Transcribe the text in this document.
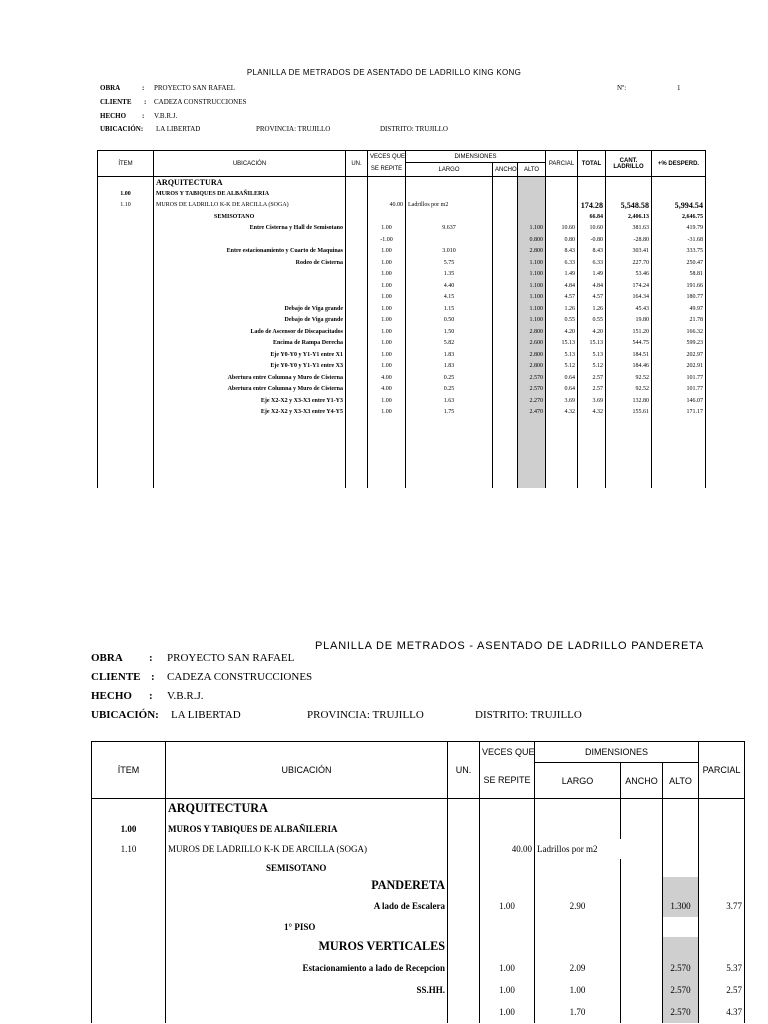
PLANILLA DE METRADOS DE ASENTADO DE LADRILLO KING KONG
Nº:	1
OBRA	: PROYECTO SAN RAFAEL
CLIENTE : CADEZA CONSTRUCCIONES
HECHO : V.B.R.J.
UBICACIÓN: LA LIBERTAD	PROVINCIA: TRUJILLO	DISTRITO: TRUJILLO
ÍTEM	UBICACIÓN	UN.	VECES QUE	DIMENSIONES			PARCIAL	TOTAL	CANT. LADRILLO	+% DESPERD.
			SE REPITE	LARGO	ANCHO	ALTO				
	ARQUITECTURA									
1.00	MUROS Y TABIQUES DE ALBAÑILERIA									
1.10	MUROS DE LADRILLO K-K DE ARCILLA (SOGA)		40.00	Ladrillos por m2				174.28	5,548.58	5,994.54
	SEMISOTANO							66.84	2,406.13	2,646.75
	Entre Cisterna y Hall de Semisotano		1.00	9.637		1.100	10.60	10.60	381.63	419.79
			-1.00			0.800	0.80	-0.80	-28.80	-31.68
	Entre estacionamiento y Cuarto de Maquinas		1.00	3.010		2.800	8.43	8.43	303.41	333.75
	Rodeo de Cisterna		1.00	5.75		1.100	6.33	6.33	227.70	250.47
			1.00	1.35		1.100	1.49	1.49	53.46	58.81
			1.00	4.40		1.100	4.84	4.84	174.24	191.66
			1.00	4.15		1.100	4.57	4.57	164.34	180.77
	Debajo de Viga grande		1.00	1.15		1.100	1.26	1.26	45.43	49.97
	Debajo de Viga grande		1.00	0.50		1.100	0.55	0.55	19.80	21.78
	Lado de Ascensor de Discapacitados		1.00	1.50		2.800	4.20	4.20	151.20	166.32
	Encima de Rampa Derecha		1.00	5.82		2.600	15.13	15.13	544.75	599.23
	Eje Y0-Y0 y Y1-Y1 entre X1		1.00	1.83		2.800	5.13	5.13	184.51	202.97
	Eje Y0-Y0 y Y1-Y1 entre X3		1.00	1.83		2.800	5.12	5.12	184.46	202.91
	Abertura entre Columna y Muro de Cisterna		4.00	0.25		2.570	0.64	2.57	92.52	101.77
	Abertura entre Columna y Muro de Cisterna		4.00	0.25		2.570	0.64	2.57	92.52	101.77
	Eje X2-X2 y X3-X3 entre Y1-Y3		1.00	1.63		2.270	3.69	3.69	132.80	146.07
	Eje X2-X2 y X3-X3 entre Y4-Y5		1.00	1.75		2.470	4.32	4.32	155.61	171.17

PLANILLA DE METRADOS - ASENTADO DE LADRILLO PANDERETA
OBRA : PROYECTO SAN RAFAEL
CLIENTE : CADEZA CONSTRUCCIONES
HECHO : V.B.R.J.
UBICACIÓN: LA LIBERTAD	PROVINCIA: TRUJILLO	DISTRITO: TRUJILLO
ÍTEM	UBICACIÓN	UN.	VECES QUE	DIMENSIONES			PARCIAL
			SE REPITE	LARGO	ANCHO	ALTO	
	ARQUITECTURA						
1.00	MUROS Y TABIQUES DE ALBAÑILERIA						
1.10	MUROS DE LADRILLO K-K DE ARCILLA (SOGA)		40.00	Ladrillos por m2			
	SEMISOTANO						
	PANDERETA						
	A lado de Escalera		1.00	2.90		1.300	3.77
	1° PISO						
	MUROS VERTICALES						
	Estacionamiento a lado de Recepcion		1.00	2.09		2.570	5.37
	SS.HH.		1.00	1.00		2.570	2.57
			1.00	1.70		2.570	4.37
